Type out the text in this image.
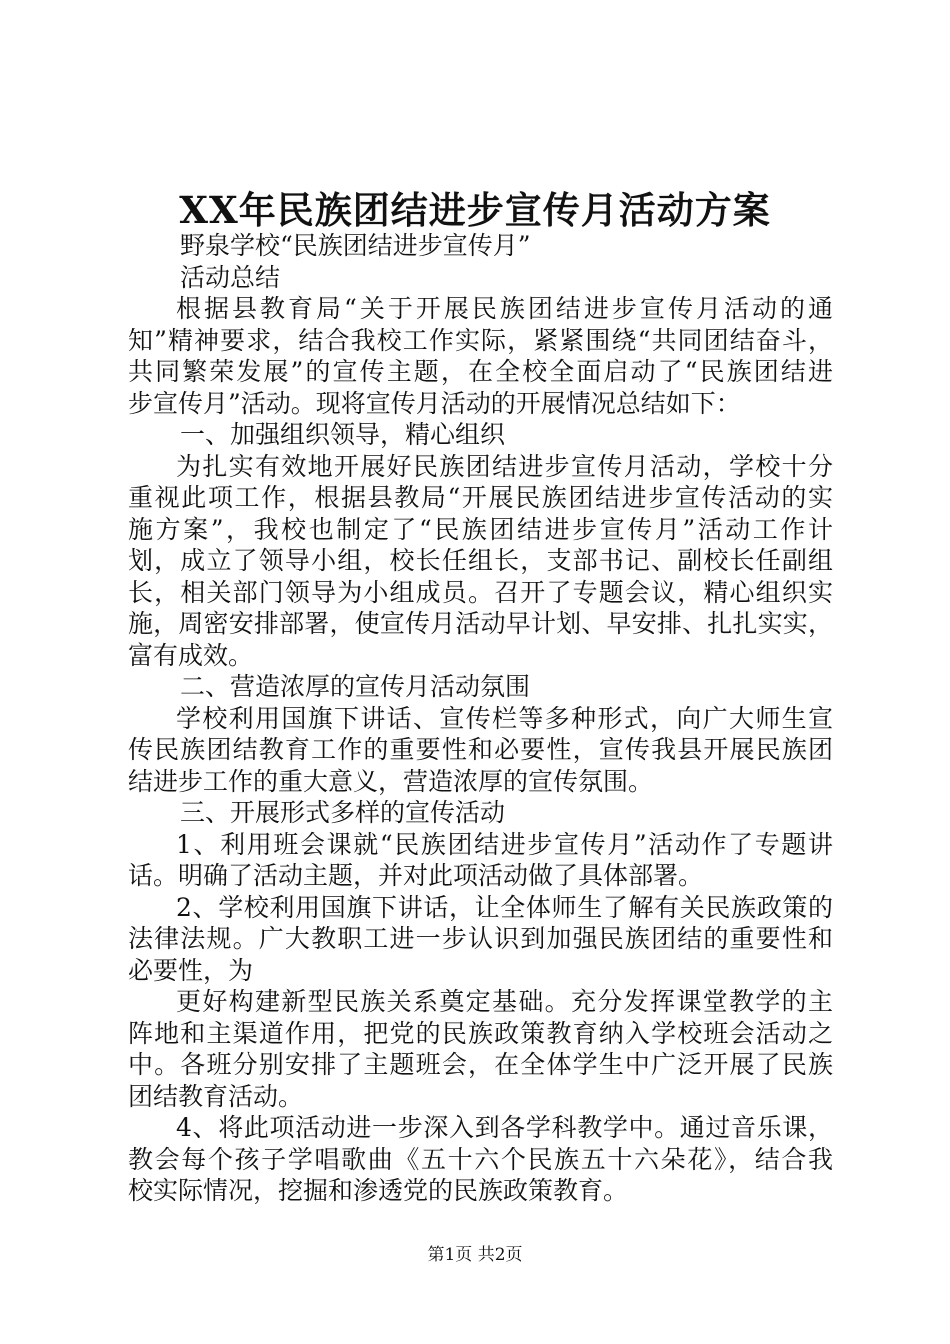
XX年民族团结进步宣传月活动方案
野泉学校“民族团结进步宣传月”
活动总结
根据县教育局“关于开展民族团结进步宣传月活动的通
知”精神要求，结合我校工作实际，紧紧围绕“共同团结奋斗，
共同繁荣发展”的宣传主题，在全校全面启动了“民族团结进
步宣传月”活动。现将宣传月活动的开展情况总结如下：
一、加强组织领导，精心组织
为扎实有效地开展好民族团结进步宣传月活动，学校十分
重视此项工作，根据县教局“开展民族团结进步宣传活动的实
施方案”，我校也制定了“民族团结进步宣传月”活动工作计
划，成立了领导小组，校长任组长，支部书记、副校长任副组
长，相关部门领导为小组成员。召开了专题会议，精心组织实
施，周密安排部署，使宣传月活动早计划、早安排、扎扎实实，
富有成效。
二、营造浓厚的宣传月活动氛围
学校利用国旗下讲话、宣传栏等多种形式，向广大师生宣
传民族团结教育工作的重要性和必要性，宣传我县开展民族团
结进步工作的重大意义，营造浓厚的宣传氛围。
三、开展形式多样的宣传活动
1、利用班会课就“民族团结进步宣传月”活动作了专题讲
话。明确了活动主题，并对此项活动做了具体部署。
2、学校利用国旗下讲话，让全体师生了解有关民族政策的
法律法规。广大教职工进一步认识到加强民族团结的重要性和
必要性，为
更好构建新型民族关系奠定基础。充分发挥课堂教学的主
阵地和主渠道作用，把党的民族政策教育纳入学校班会活动之
中。各班分别安排了主题班会，在全体学生中广泛开展了民族
团结教育活动。
4、将此项活动进一步深入到各学科教学中。通过音乐课，
教会每个孩子学唱歌曲《五十六个民族五十六朵花》，结合我
校实际情况，挖掘和渗透党的民族政策教育。
第1页 共2页
